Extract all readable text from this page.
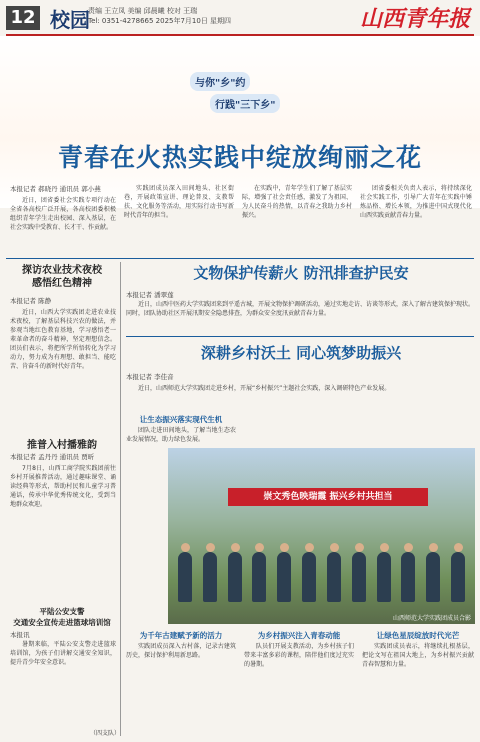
12 校园
责编 王立凤 美编 邱晨曦 校对 王瑞
Tel: 0351-4278665 2025年7月10日 星期四	山西青年报
与你"乡"约
行践"三下乡"
青春在火热实践中绽放绚丽之花
本报记者 郝晓丹 通讯员 郭小燕

近日，团省委社会实践专项行动在全省各高校广泛开展，各高校团委积极组织青年学生走出校园、深入基层，在社会实践中受教育、长才干、作贡献。

实践团成员深入田间地头、社区街巷，开展政策宣讲、理论普及、支教帮扶、文化服务等活动，用实际行动书写新时代青年的担当。

在实践中，青年学生们了解了基层实际，增强了社会责任感，激发了为祖国、为人民奋斗的热情，以青春之我助力乡村振兴。

团省委相关负责人表示，将持续深化社会实践工作，引导广大青年在实践中锤炼品格、增长本领，为推进中国式现代化山西实践贡献青春力量。

探访农业技术夜校
感悟红色精神
本报记者 陈静

近日，山西大学实践团走进农业技术夜校，了解基层科技兴农的做法，并参观当地红色教育基地，学习感悟老一辈革命者的奋斗精神，坚定理想信念。团员们表示，将把所学所悟转化为学习动力，努力成为有理想、敢担当、能吃苦、肯奋斗的新时代好青年。

推普入村播雅韵
本报记者 孟丹丹 通讯员 贾昕

7月8日，山西工商学院实践团前往乡村开展推普活动，通过趣味课堂、诵读经典等形式，帮助村民和儿童学习普通话，传承中华优秀传统文化，受到当地群众欢迎。

平陆公安支警
交通安全宣传走进篮球培训馆
本报讯

暑期来临，平陆公安支警走进篮球培训馆，为孩子们讲解交通安全知识，提升青少年安全意识。

（四支队）
文物保护传薪火 防汛排查护民安
本报记者 潘翠莲

近日，山西中医药大学实践团来到平遥古城，开展文物保护调研活动，通过实地走访、访谈等形式，深入了解古建筑保护现状。同时，团队协助社区开展汛期安全隐患排查，为群众安全度汛贡献青春力量。

深耕乡村沃土 同心筑梦助振兴
本报记者 李佳音

近日，山西师范大学实践团走进乡村，开展“乡村振兴”主题社会实践，深入调研特色产业发展。

让生态振兴落实现代生机

团队走进田间地头，了解当地生态农业发展情况，助力绿色发展。

崇文秀色映瑞霞 振兴乡村共担当
山西师范大学实践团成员合影
为千年古建赋予新的活力

实践团成员深入古村落，记录古建筑历史，探讨保护利用新思路。

为乡村振兴注入青春动能

队员们开展支教活动，为乡村孩子们带来丰富多彩的课程，陪伴他们度过充实的暑期。

让绿色星辰绽放时代光芒

实践团成员表示，将继续扎根基层，把论文写在祖国大地上，为乡村振兴贡献青春智慧和力量。
